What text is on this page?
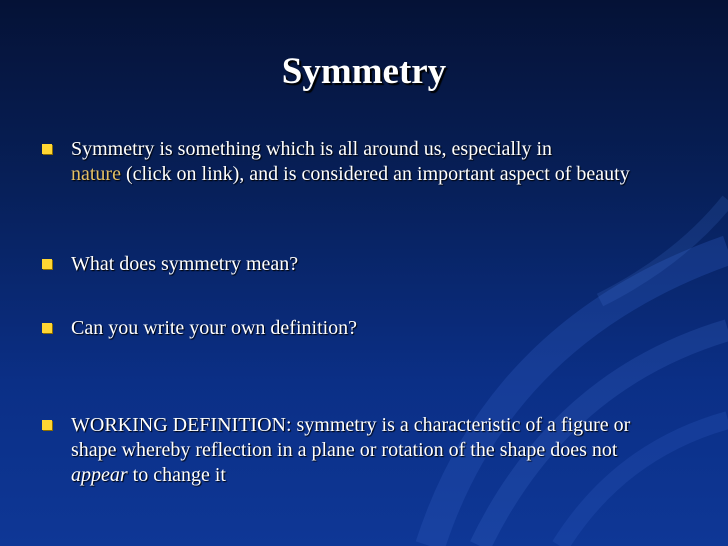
Symmetry
Symmetry is something which is all around us, especially in
nature (click on link), and is considered an important aspect of beauty
What does symmetry mean?
Can you write your own definition?
WORKING DEFINITION: symmetry is a characteristic of a figure or shape whereby reflection in a plane or rotation of the shape does not appear to change it
